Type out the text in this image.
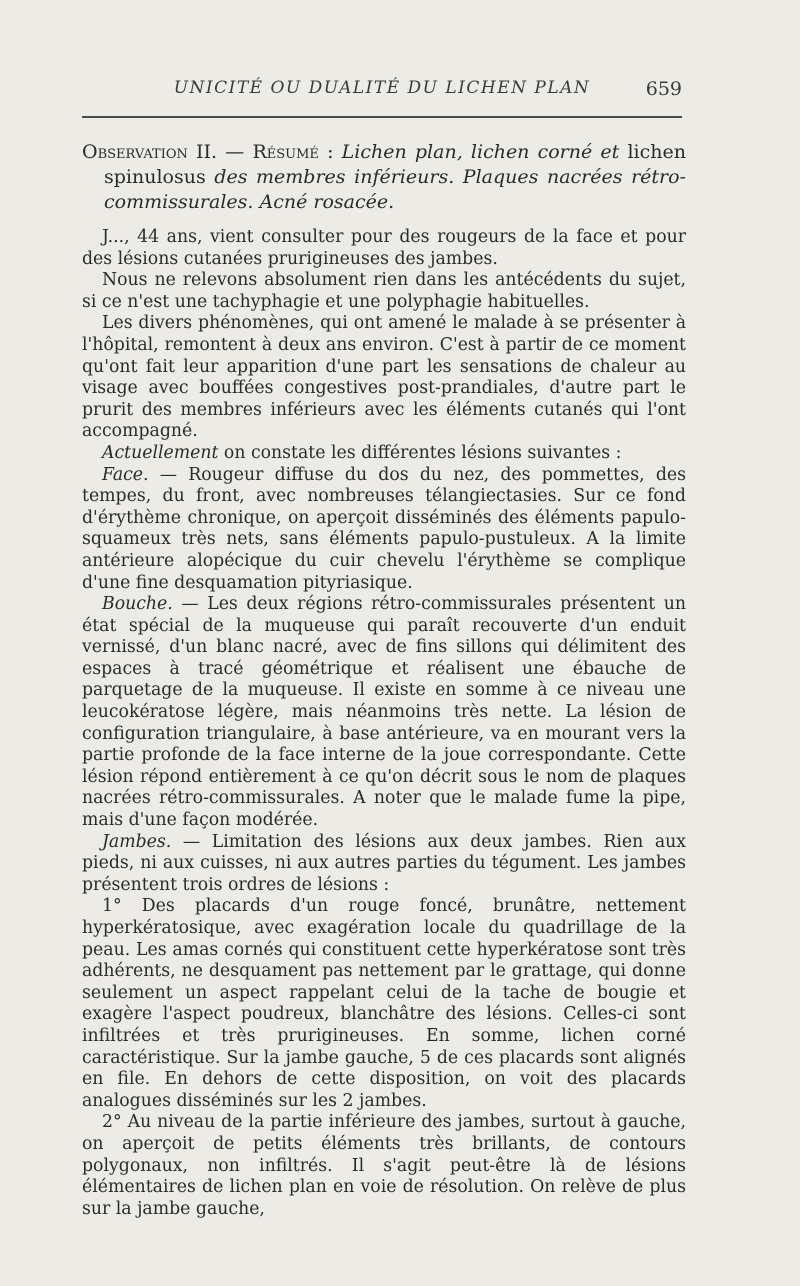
UNICITÉ OU DUALITÉ DU LICHEN PLAN	659

Observation II. — Résumé : Lichen plan, lichen corné et lichen spinulosus des membres inférieurs. Plaques nacrées rétro-commissurales. Acné rosacée.

J..., 44 ans, vient consulter pour des rougeurs de la face et pour des lésions cutanées prurigineuses des jambes.

Nous ne relevons absolument rien dans les antécédents du sujet, si ce n'est une tachyphagie et une polyphagie habituelles.

Les divers phénomènes, qui ont amené le malade à se présenter à l'hôpital, remontent à deux ans environ. C'est à partir de ce moment qu'ont fait leur apparition d'une part les sensations de chaleur au visage avec bouffées congestives post-prandiales, d'autre part le prurit des membres inférieurs avec les éléments cutanés qui l'ont accompagné.

Actuellement on constate les différentes lésions suivantes :

Face. — Rougeur diffuse du dos du nez, des pommettes, des tempes, du front, avec nombreuses télangiectasies. Sur ce fond d'érythème chronique, on aperçoit disséminés des éléments papulo-squameux très nets, sans éléments papulo-pustuleux. A la limite antérieure alopécique du cuir chevelu l'érythème se complique d'une fine desquamation pityriasique.

Bouche. — Les deux régions rétro-commissurales présentent un état spécial de la muqueuse qui paraît recouverte d'un enduit vernissé, d'un blanc nacré, avec de fins sillons qui délimitent des espaces à tracé géométrique et réalisent une ébauche de parquetage de la muqueuse. Il existe en somme à ce niveau une leucokératose légère, mais néanmoins très nette. La lésion de configuration triangulaire, à base antérieure, va en mourant vers la partie profonde de la face interne de la joue correspondante. Cette lésion répond entièrement à ce qu'on décrit sous le nom de plaques nacrées rétro-commissurales. A noter que le malade fume la pipe, mais d'une façon modérée.

Jambes. — Limitation des lésions aux deux jambes. Rien aux pieds, ni aux cuisses, ni aux autres parties du tégument. Les jambes présentent trois ordres de lésions :

1° Des placards d'un rouge foncé, brunâtre, nettement hyperkératosique, avec exagération locale du quadrillage de la peau. Les amas cornés qui constituent cette hyperkératose sont très adhérents, ne desquament pas nettement par le grattage, qui donne seulement un aspect rappelant celui de la tache de bougie et exagère l'aspect poudreux, blanchâtre des lésions. Celles-ci sont infiltrées et très prurigineuses. En somme, lichen corné caractéristique. Sur la jambe gauche, 5 de ces placards sont alignés en file. En dehors de cette disposition, on voit des placards analogues disséminés sur les 2 jambes.

2° Au niveau de la partie inférieure des jambes, surtout à gauche, on aperçoit de petits éléments très brillants, de contours polygonaux, non infiltrés. Il s'agit peut-être là de lésions élémentaires de lichen plan en voie de résolution. On relève de plus sur la jambe gauche,
